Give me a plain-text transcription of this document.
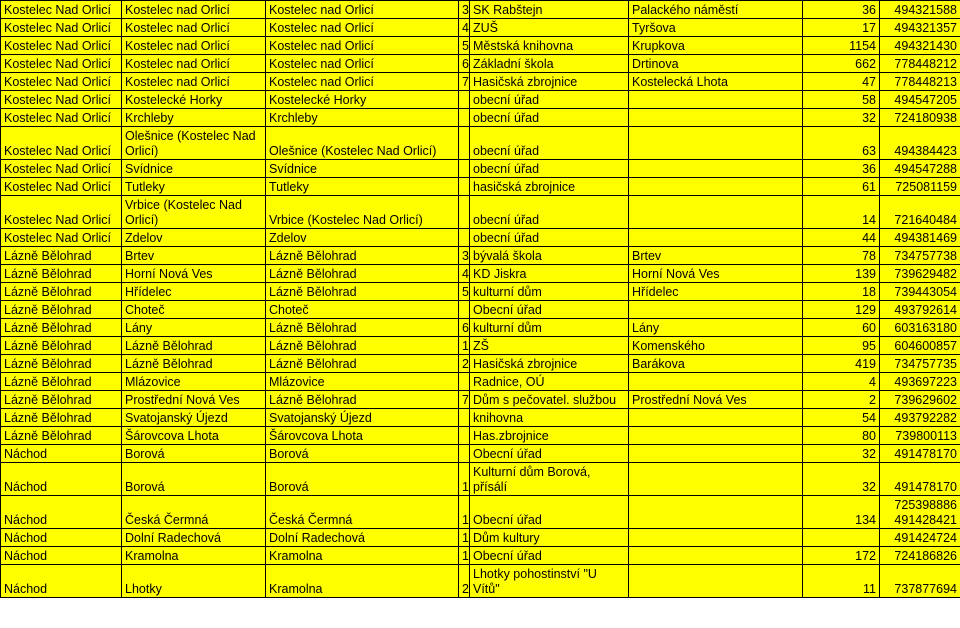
Kostelec Nad Orlicí	Kostelec nad Orlicí	Kostelec nad Orlicí	3	SK Rabštejn	Palackého náměstí	36	494321588
Kostelec Nad Orlicí	Kostelec nad Orlicí	Kostelec nad Orlicí	4	ZUŠ	Tyršova	17	494321357
Kostelec Nad Orlicí	Kostelec nad Orlicí	Kostelec nad Orlicí	5	Městská knihovna	Krupkova	1154	494321430
Kostelec Nad Orlicí	Kostelec nad Orlicí	Kostelec nad Orlicí	6	Základní škola	Drtinova	662	778448212
Kostelec Nad Orlicí	Kostelec nad Orlicí	Kostelec nad Orlicí	7	Hasičská zbrojnice	Kostelecká Lhota	47	778448213
Kostelec Nad Orlicí	Kostelecké Horky	Kostelecké Horky		obecní úřad		58	494547205
Kostelec Nad Orlicí	Krchleby	Krchleby		obecní úřad		32	724180938
Kostelec Nad Orlicí	Olešnice (Kostelec Nad Orlicí)	Olešnice (Kostelec Nad Orlicí)		obecní úřad		63	494384423
Kostelec Nad Orlicí	Svídnice	Svídnice		obecní úřad		36	494547288
Kostelec Nad Orlicí	Tutleky	Tutleky		hasičská zbrojnice		61	725081159
Kostelec Nad Orlicí	Vrbice (Kostelec Nad Orlicí)	Vrbice (Kostelec Nad Orlicí)		obecní úřad		14	721640484
Kostelec Nad Orlicí	Zdelov	Zdelov		obecní úřad		44	494381469
Lázně Bělohrad	Brtev	Lázně Bělohrad	3	bývalá škola	Brtev	78	734757738
Lázně Bělohrad	Horní Nová Ves	Lázně Bělohrad	4	KD Jiskra	Horní Nová Ves	139	739629482
Lázně Bělohrad	Hřídelec	Lázně Bělohrad	5	kulturní dům	Hřídelec	18	739443054
Lázně Bělohrad	Choteč	Choteč		Obecní úřad		129	493792614
Lázně Bělohrad	Lány	Lázně Bělohrad	6	kulturní dům	Lány	60	603163180
Lázně Bělohrad	Lázně Bělohrad	Lázně Bělohrad	1	ZŠ	Komenského	95	604600857
Lázně Bělohrad	Lázně Bělohrad	Lázně Bělohrad	2	Hasičská zbrojnice	Barákova	419	734757735
Lázně Bělohrad	Mlázovice	Mlázovice		Radnice, OÚ		4	493697223
Lázně Bělohrad	Prostřední Nová Ves	Lázně Bělohrad	7	Dům s pečovatel. službou	Prostřední Nová Ves	2	739629602
Lázně Bělohrad	Svatojanský Újezd	Svatojanský Újezd		knihovna		54	493792282
Lázně Bělohrad	Šárovcova Lhota	Šárovcova Lhota		Has.zbrojnice		80	739800113
Náchod	Borová	Borová		Obecní úřad		32	491478170
Náchod	Borová	Borová	1	Kulturní dům Borová, přísálí		32	491478170
Náchod	Česká Čermná	Česká Čermná	1	Obecní úřad		134	725398886 491428421
Náchod	Dolní Radechová	Dolní Radechová	1	Dům kultury			491424724
Náchod	Kramolna	Kramolna	1	Obecní úřad		172	724186826
Náchod	Lhotky	Kramolna	2	Lhotky pohostinství "U Vítů"		11	737877694
